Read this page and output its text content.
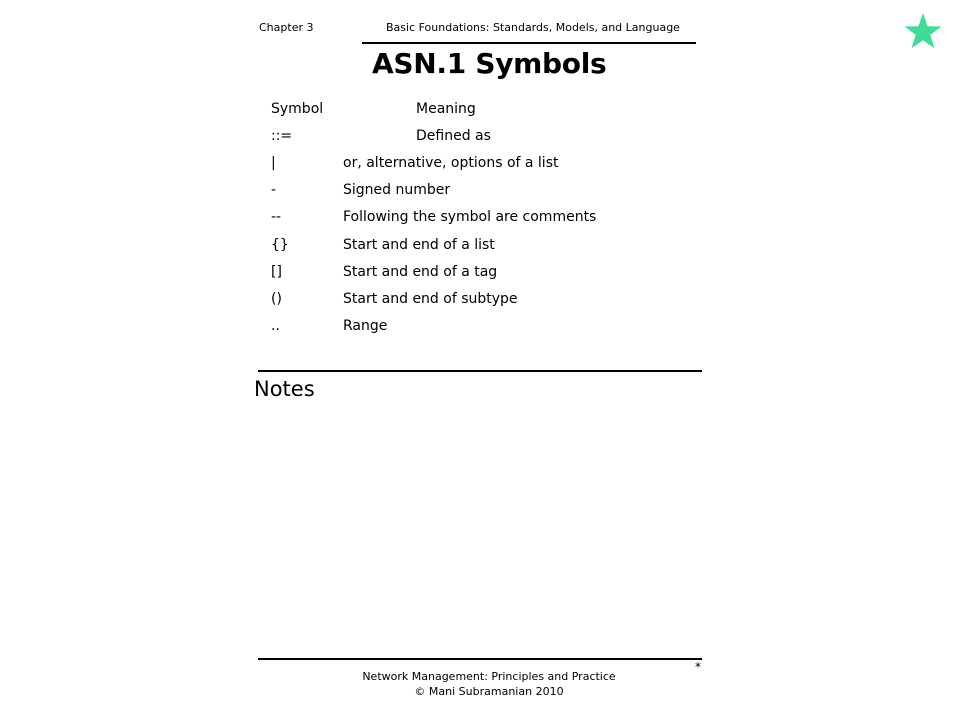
Chapter 3	Basic Foundations: Standards, Models, and Language
ASN.1 Symbols
Symbol	Meaning
::=	Defined as
|	or, alternative, options of a list
-	Signed number
--	Following the symbol are comments
{}	Start and end of a list
[]	Start and end of a tag
()	Start and end of subtype
..	Range
Notes
Network Management: Principles and Practice
© Mani Subramanian 2010
*
